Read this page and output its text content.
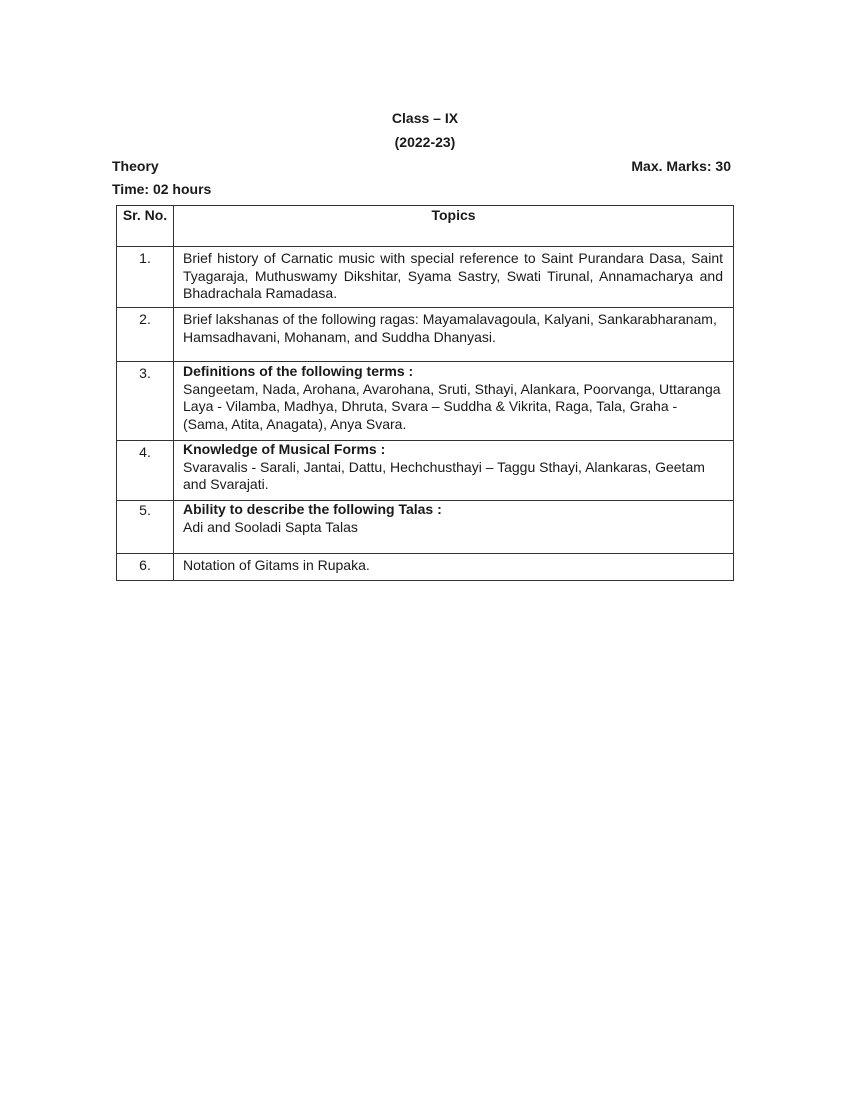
Class – IX
(2022-23)
Theory	Max. Marks: 30
Time: 02 hours
Sr. No.	Topics

1.	Brief history of Carnatic music with special reference to Saint Purandara Dasa, Saint Tyagaraja, Muthuswamy Dikshitar, Syama Sastry, Swati Tirunal, Annamacharya and Bhadrachala Ramadasa.

2.	Brief lakshanas of the following ragas: Mayamalavagoula, Kalyani, Sankarabharanam, Hamsadhavani, Mohanam, and Suddha Dhanyasi.

3.	Definitions of the following terms :
Sangeetam, Nada, Arohana, Avarohana, Sruti, Sthayi, Alankara, Poorvanga, Uttaranga Laya - Vilamba, Madhya, Dhruta, Svara – Suddha & Vikrita, Raga, Tala, Graha - (Sama, Atita, Anagata), Anya Svara.

4.	Knowledge of Musical Forms :
Svaravalis - Sarali, Jantai, Dattu, Hechchusthayi – Taggu Sthayi, Alankaras, Geetam and Svarajati.

5.	Ability to describe the following Talas :
Adi and Sooladi Sapta Talas

6.	Notation of Gitams in Rupaka.
